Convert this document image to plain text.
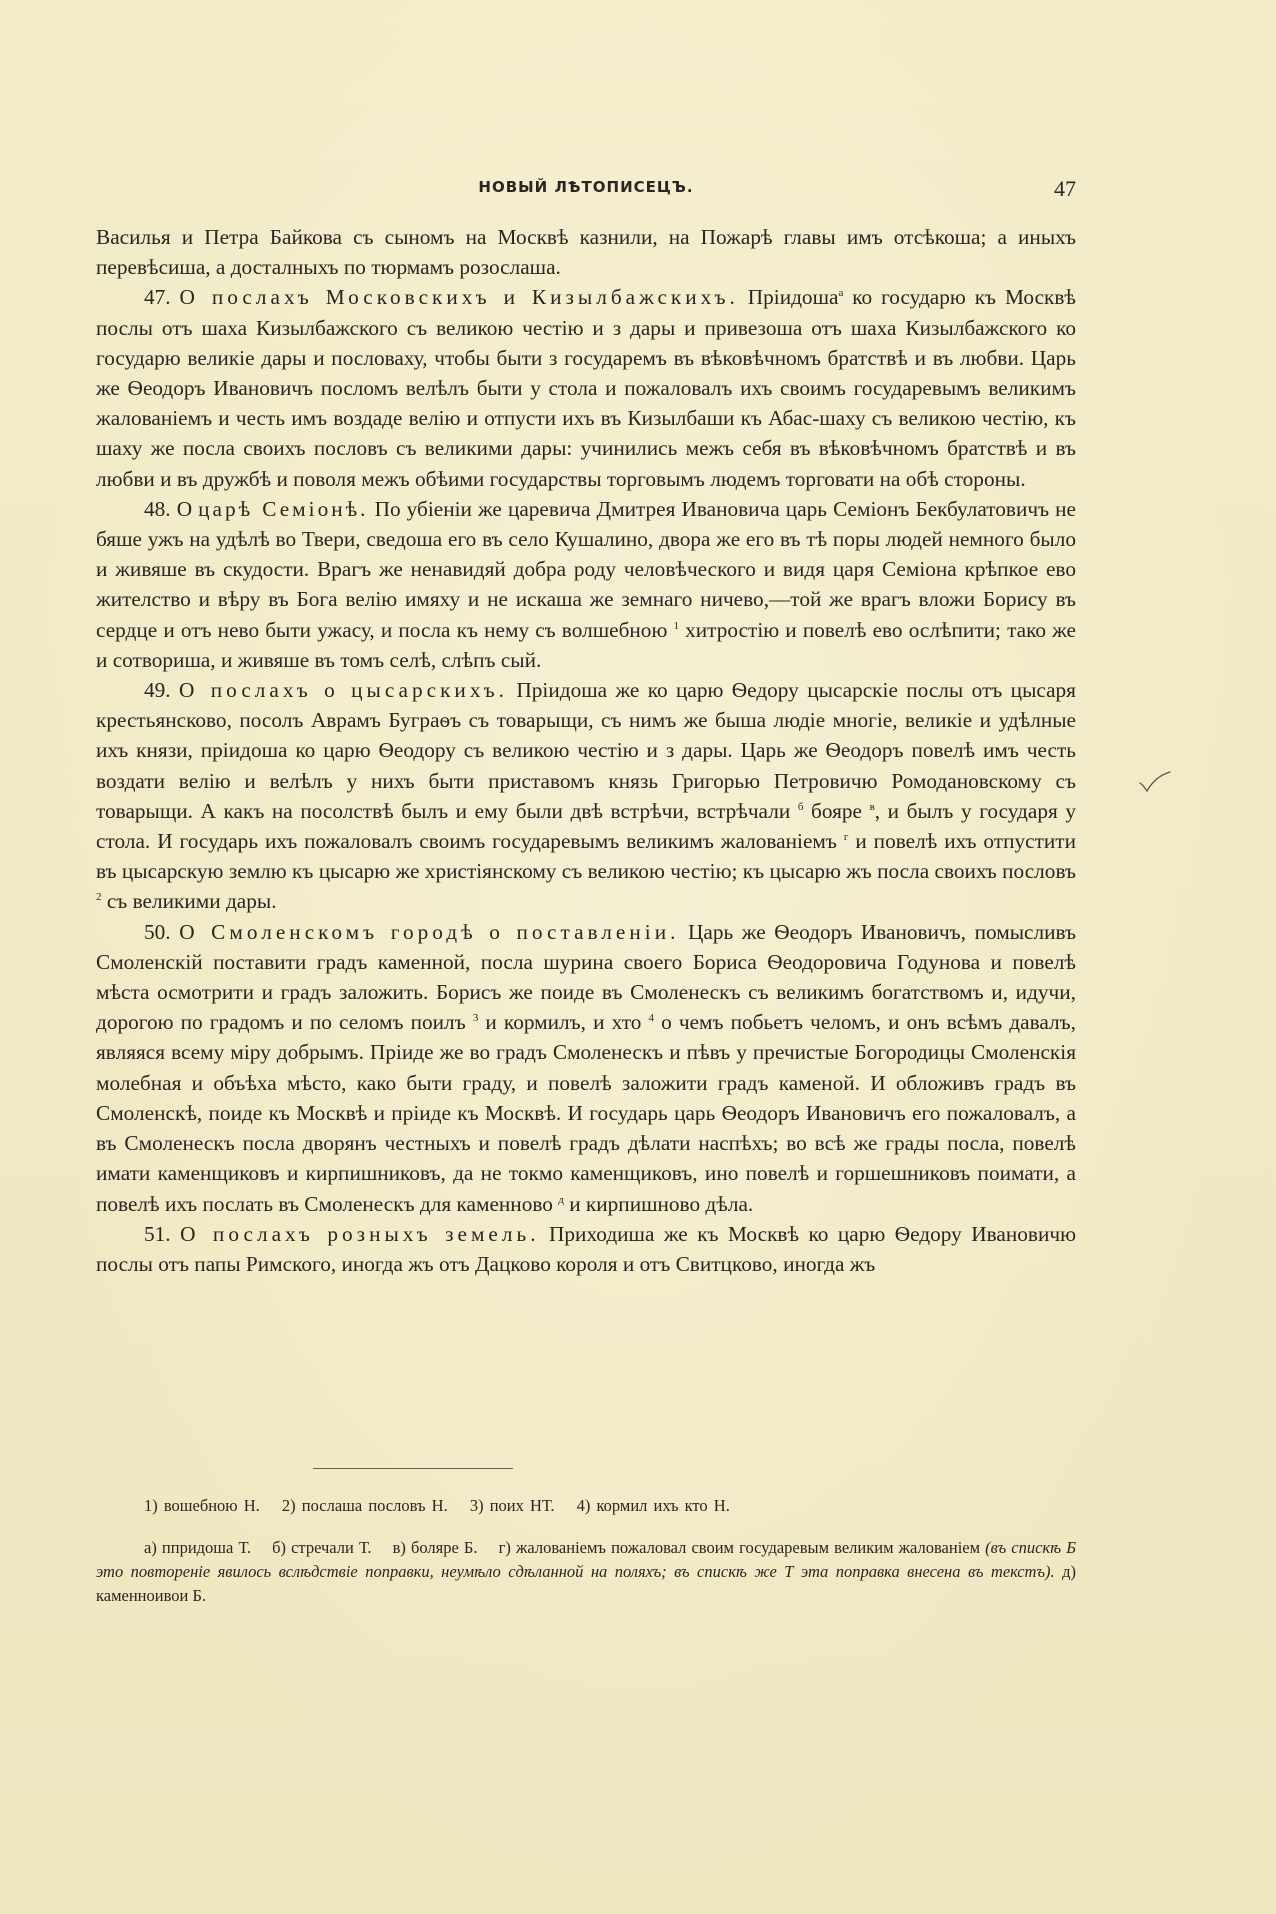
НОВЫЙ ЛѢТОПИСЕЦЪ.	47

Василья и Петра Байкова съ сыномъ на Москвѣ казнили, на Пожарѣ главы имъ отсѣкоша; а иныхъ перевѣсиша, а досталныхъ по тюрмамъ розослаша.

47. О послахъ Московскихъ и Кизылбажскихъ. Пріидоша$^а$ ко государю къ Москвѣ послы отъ шаха Кизылбажского съ великою честію и з дары и привезоша отъ шаха Кизылбажского ко государю великіе дары и пословаху, чтобы быти з государемъ въ вѣковѣчномъ братствѣ и въ любви. Царь же Ѳеодоръ Ивановичъ посломъ велѣлъ быти у стола и пожаловалъ ихъ своимъ государевымъ великимъ жалованіемъ и честь имъ воздаде велію и отпусти ихъ въ Кизылбаши къ Абас-шаху съ великою честію, къ шаху же посла своихъ пословъ съ великими дары: учинились межъ себя въ вѣковѣчномъ братствѣ и въ любви и въ дружбѣ и поволя межъ обѣими государствы торговымъ людемъ торговати на обѣ стороны.

48. О царѣ Семіонѣ. По убіеніи же царевича Дмитрея Ивановича царь Семіонъ Бекбулатовичъ не бяше ужъ на удѣлѣ во Твери, сведоша его въ село Кушалино, двора же его въ тѣ поры людей немного было и живяше въ скудости. Врагъ же ненавидяй добра роду человѣческого и видя царя Семіона крѣпкое ево жителство и вѣру въ Бога велію имяху и не искаша же земнаго ничево,—той же врагъ вложи Борису въ сердце и отъ нево быти ужасу, и посла къ нему съ волшебною $^1$ хитростію и повелѣ ево ослѣпити; тако же и сотвориша, и живяше въ томъ селѣ, слѣпъ сый.

49. О послахъ о цысарскихъ. Пріидоша же ко царю Ѳедору цысарскіе послы отъ цысаря крестьянсково, посолъ Аврамъ Буграѳъ съ товарыщи, съ нимъ же быша людіе многіе, великіе и удѣлные ихъ князи, пріидоша ко царю Ѳеодору съ великою честію и з дары. Царь же Ѳеодоръ повелѣ имъ честь воздати велію и велѣлъ у нихъ быти приставомъ князь Григорью Петровичю Ромодановскому съ товарыщи. А какъ на посолствѣ былъ и ему были двѣ встрѣчи, встрѣчали $^б$ бояре $^в$, и былъ у государя у стола. И государь ихъ пожаловалъ своимъ государевымъ великимъ жалованіемъ $^г$ и повелѣ ихъ отпустити въ цысарскую землю къ цысарю же христіянскому съ великою честію; къ цысарю жъ посла своихъ пословъ $^2$ съ великими дары.

50. О Смоленскомъ городѣ о поставленіи. Царь же Ѳеодоръ Ивановичъ, помысливъ Смоленскій поставити градъ каменной, посла шурина своего Бориса Ѳеодоровича Годунова и повелѣ мѣста осмотрити и градъ заложить. Борисъ же поиде въ Смоленескъ съ великимъ богатствомъ и, идучи, дорогою по градомъ и по селомъ поилъ $^3$ и кормилъ, и хто $^4$ о чемъ побьетъ челомъ, и онъ всѣмъ давалъ, являяся всему міру добрымъ. Пріиде же во градъ Смоленескъ и пѣвъ у пречистые Богородицы Смоленскія молебная и объѣха мѣсто, како быти граду, и повелѣ заложити градъ каменой. И обложивъ градъ въ Смоленскѣ, поиде къ Москвѣ и пріиде къ Москвѣ. И государь царь Ѳеодоръ Ивановичъ его пожаловалъ, а въ Смоленескъ посла дворянъ честныхъ и повелѣ градъ дѣлати наспѣхъ; во всѣ же грады посла, повелѣ имати каменщиковъ и кирпишниковъ, да не токмо каменщиковъ, ино повелѣ и горшешниковъ поимати, а повелѣ ихъ послать въ Смоленескъ для каменново $^д$ и кирпишново дѣла.

51. О послахъ розныхъ земель. Приходиша же къ Москвѣ ко царю Ѳедору Ивановичю послы отъ папы Римского, иногда жъ отъ Дацково короля и отъ Свитцково, иногда жъ

1) вошебною Н. 2) послаша пословъ Н. 3) поих НТ. 4) кормил ихъ кто Н.
а) ппридоша Т. б) стречали Т. в) боляре Б. г) жалованіемъ пожаловал своим государевым великим жалованіем (въ спискѣ Б это повтореніе явилось вслѣдствіе поправки, неумѣло сдѣланной на поляхъ; въ спискѣ же Т эта поправка внесена въ текстъ). д) каменноивои Б.
